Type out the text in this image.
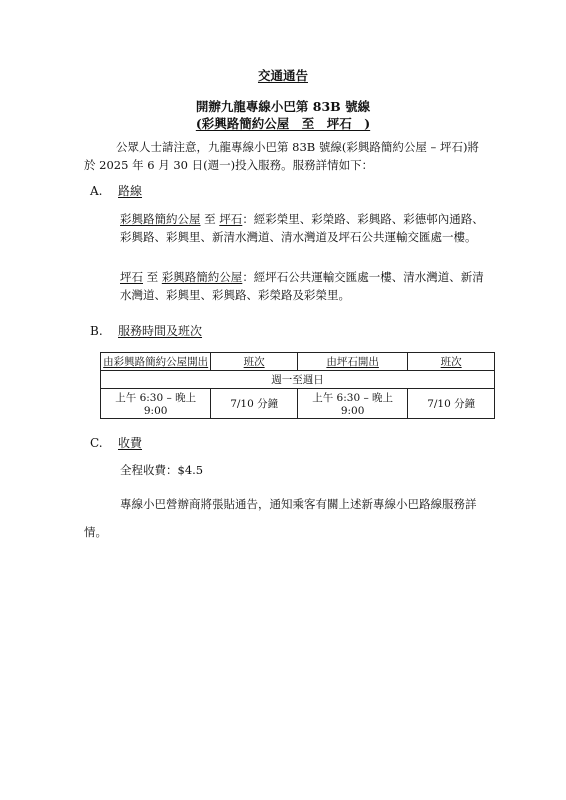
交通通告
開辦九龍專線小巴第 83B 號線
(彩興路簡約公屋　至　坪石　)
公眾人士請注意，九龍專線小巴第 83B 號線(彩興路簡約公屋 – 坪石)將於 2025 年 6 月 30 日(週一)投入服務。服務詳情如下：
A. 路線
彩興路簡約公屋 至 坪石：經彩榮里、彩榮路、彩興路、彩德邨內通路、彩興路、彩興里、新清水灣道、清水灣道及坪石公共運輸交匯處一樓。
坪石 至 彩興路簡約公屋：經坪石公共運輸交匯處一樓、清水灣道、新清水灣道、彩興里、彩興路、彩榮路及彩榮里。
B. 服務時間及班次
由彩興路簡約公屋開出	班次	由坪石開出	班次
週一至週日			
上午 6:30 – 晚上 9:00	7/10 分鐘	上午 6:30 – 晚上 9:00	7/10 分鐘
C. 收費
全程收費：$4.5
專線小巴營辦商將張貼通告，通知乘客有關上述新專線小巴路線服務詳情。
